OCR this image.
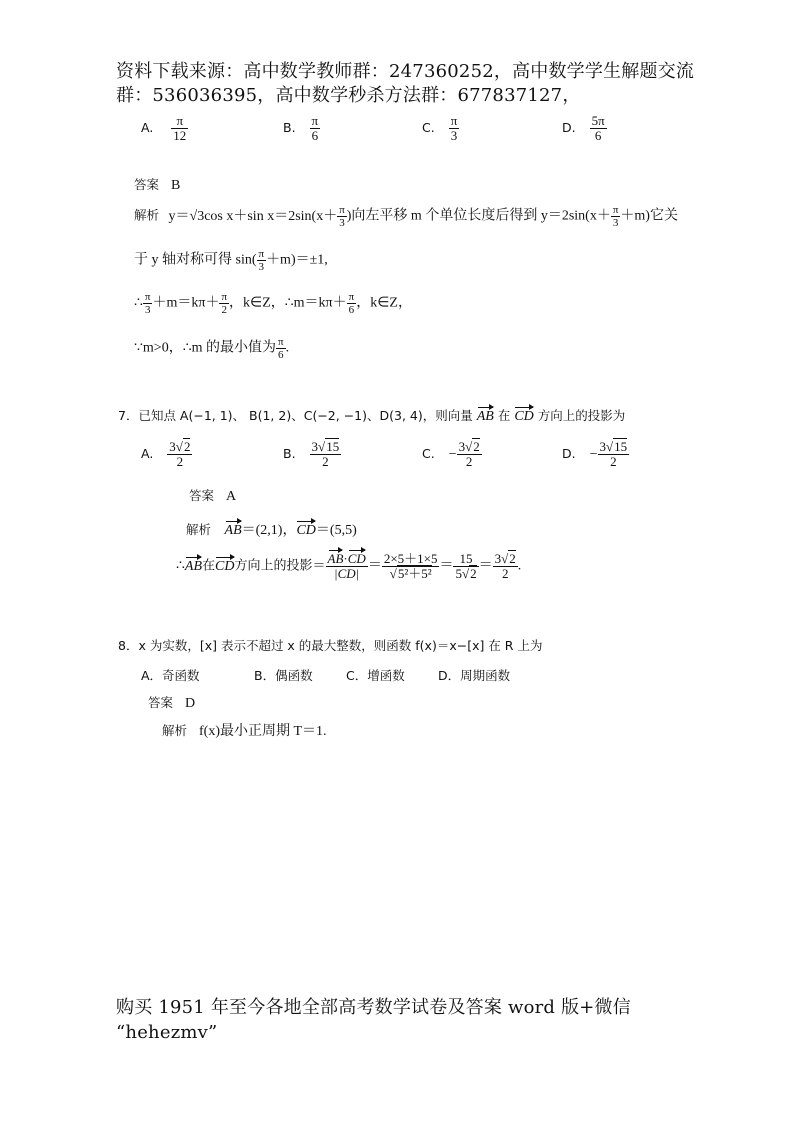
资料下载来源：高中数学教师群：247360252，高中数学学生解题交流
群：536036395，高中数学秒杀方法群：677837127，
A. $\frac{\pi}{12}$	B. $\frac{\pi}{6}$	C. $\frac{\pi}{3}$	D. $\frac{5\pi}{6}$
答案 B
解析 y＝√3cos x＋sin $x=2\sin(x+ \frac{\pi}{3}$ )向左平移 m 个单位长度后得到 $y=2\sin(x+ \frac{\pi}{3} +m)$它关
于 y 轴对称可得 $\sin( \frac{\pi}{3} +m)=\pm 1$,
∴ $\frac{\pi}{3} +m=k\pi+ \frac{\pi}{2}$ ，k∈Z，∴m＝kπ＋ $\frac{\pi}{6}$ ，k∈Z，
∵m>0，∴m 的最小值为 $\frac{\pi}{6}$ .
7．已知点 A(−1, 1)、 B(1, 2)、C(−2, −1)、D(3, 4)，则向量 AB 在 CD 方向上的投影为
A. $\frac{3√2}{2}$	B. $\frac{3√15}{2}$	C. − $\frac{3√2}{2}$	D. − $\frac{3√15}{2}$
答案 A
解析 AB＝(2,1)，CD＝(5,5)
∴AB在CD方向上的投影＝ $\frac{AB\cdot CD}{|CD|} = \frac{2\times 5+1\times 5}{\text{√5²＋5²}} = \frac{15}{5√2} = \frac{3√2}{2}$ .
8．x 为实数，[x] 表示不超过 x 的最大整数，则函数 f(x)＝x−[x] 在 R 上为
A．奇函数	B．偶函数	C．增函数	D．周期函数
答案 D
解析 f(x)最小正周期 T＝1.
购买 1951 年至今各地全部高考数学试卷及答案 word 版+微信
“hehezmv”
